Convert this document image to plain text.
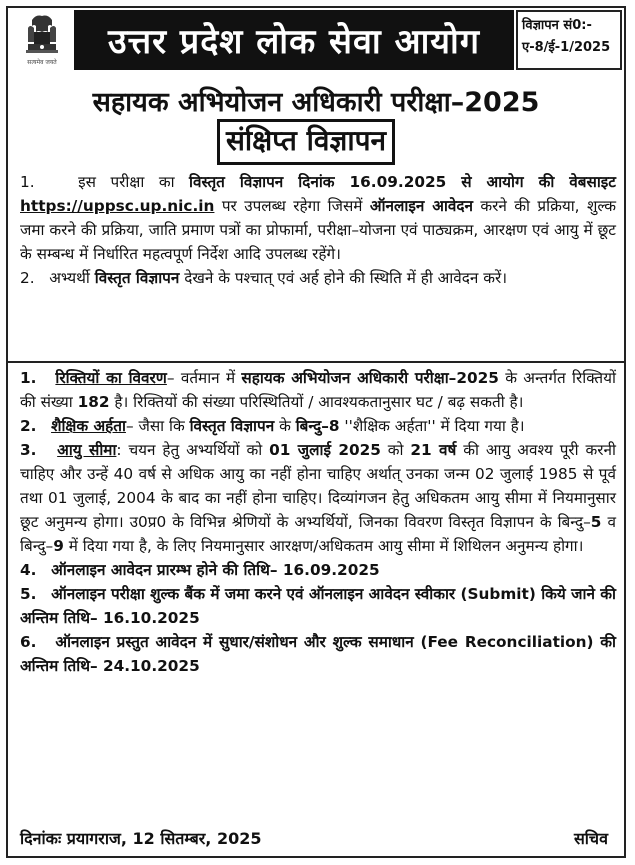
सत्यमेव जयते
उत्तर प्रदेश लोक सेवा आयोग	विज्ञापन सं0:-
ए-8/ई-1/2025
सहायक अभियोजन अधिकारी परीक्षा–2025
संक्षिप्त विज्ञापन

1.	इस परीक्षा का विस्तृत विज्ञापन दिनांक 16.09.2025 से आयोग की वेबसाइट https://uppsc.up.nic.in पर उपलब्ध रहेगा जिसमें ऑनलाइन आवेदन करने की प्रक्रिया, शुल्क जमा करने की प्रक्रिया, जाति प्रमाण पत्रों का प्रोफार्मा, परीक्षा–योजना एवं पाठ्यक्रम, आरक्षण एवं आयु में छूट के सम्बन्ध में निर्धारित महत्वपूर्ण निर्देश आदि उपलब्ध रहेंगे।

2. अभ्यर्थी विस्तृत विज्ञापन देखने के पश्चात् एवं अर्ह होने की स्थिति में ही आवेदन करें।

1. रिक्तियों का विवरण– वर्तमान में सहायक अभियोजन अधिकारी परीक्षा–2025 के अन्तर्गत रिक्तियों की संख्या 182 है। रिक्तियों की संख्या परिस्थितियों / आवश्यकतानुसार घट / बढ़ सकती है।

2. शैक्षिक अर्हता– जैसा कि विस्तृत विज्ञापन के बिन्दु–8 ''शैक्षिक अर्हता'' में दिया गया है।

3. आयु सीमा: चयन हेतु अभ्यर्थियों को 01 जुलाई 2025 को 21 वर्ष की आयु अवश्य पूरी करनी चाहिए और उन्हें 40 वर्ष से अधिक आयु का नहीं होना चाहिए अर्थात् उनका जन्म 02 जुलाई 1985 से पूर्व तथा 01 जुलाई, 2004 के बाद का नहीं होना चाहिए। दिव्यांगजन हेतु अधिकतम आयु सीमा में नियमानुसार छूट अनुमन्य होगा। उ0प्र0 के विभिन्न श्रेणियों के अभ्यर्थियों, जिनका विवरण विस्तृत विज्ञापन के बिन्दु–5 व बिन्दु–9 में दिया गया है, के लिए नियमानुसार आरक्षण/अधिकतम आयु सीमा में शिथिलन अनुमन्य होगा।

4. ऑनलाइन आवेदन प्रारम्भ होने की तिथि– 16.09.2025

5. ऑनलाइन परीक्षा शुल्क बैंक में जमा करने एवं ऑनलाइन आवेदन स्वीकार (Submit) किये जाने की अन्तिम तिथि– 16.10.2025

6. ऑनलाइन प्रस्तुत आवेदन में सुधार/संशोधन और शुल्क समाधान (Fee Reconciliation) की अन्तिम तिथि– 24.10.2025

दिनांकः प्रयागराज, 12 सितम्बर, 2025	सचिव
